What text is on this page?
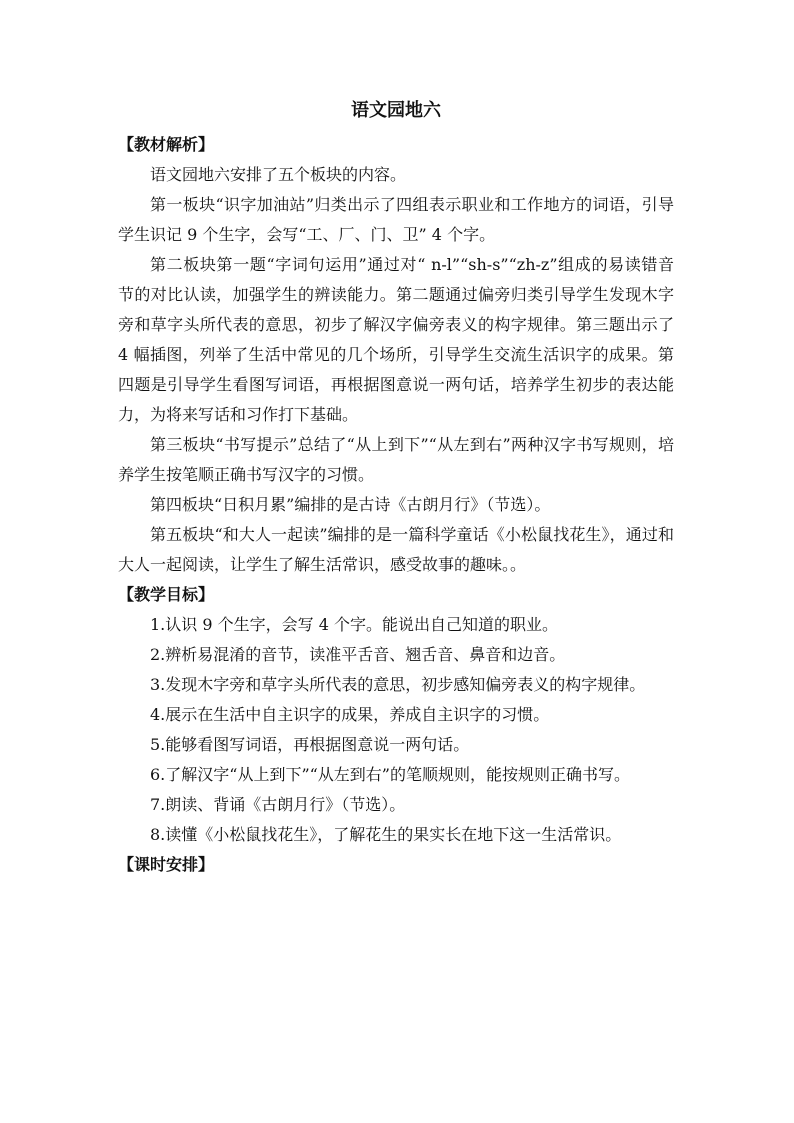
语文园地六
【教材解析】

语文园地六安排了五个板块的内容。

第一板块“识字加油站”归类出示了四组表示职业和工作地方的词语，引导学生识记 9 个生字，会写“工、厂、门、卫” 4 个字。

第二板块第一题“字词句运用”通过对“ n-l”“sh-s”“zh-z”组成的易读错音节的对比认读，加强学生的辨读能力。第二题通过偏旁归类引导学生发现木字旁和草字头所代表的意思，初步了解汉字偏旁表义的构字规律。第三题出示了 4 幅插图，列举了生活中常见的几个场所，引导学生交流生活识字的成果。第四题是引导学生看图写词语，再根据图意说一两句话，培养学生初步的表达能力，为将来写话和习作打下基础。

第三板块“书写提示”总结了“从上到下”“从左到右”两种汉字书写规则，培养学生按笔顺正确书写汉字的习惯。

第四板块“日积月累”编排的是古诗《古朗月行》（节选）。

第五板块“和大人一起读”编排的是一篇科学童话《小松鼠找花生》，通过和大人一起阅读，让学生了解生活常识，感受故事的趣味。。

【教学目标】

1.认识 9 个生字，会写 4 个字。能说出自己知道的职业。

2.辨析易混淆的音节，读准平舌音、翘舌音、鼻音和边音。

3.发现木字旁和草字头所代表的意思，初步感知偏旁表义的构字规律。

4.展示在生活中自主识字的成果，养成自主识字的习惯。

5.能够看图写词语，再根据图意说一两句话。

6.了解汉字“从上到下”“从左到右”的笔顺规则，能按规则正确书写。

7.朗读、背诵《古朗月行》（节选）。

8.读懂《小松鼠找花生》，了解花生的果实长在地下这一生活常识。

【课时安排】
